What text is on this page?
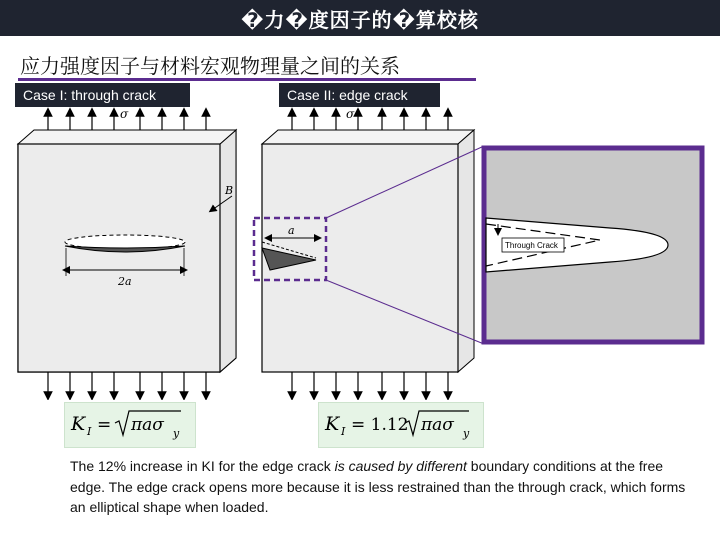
�力�度因子的�算校核
应力强度因子与材料宏观物理量之间的关系
σ
B
2a
σ
a
Through Crack
Case I: through crack	Case II: edge crack
K I = πaσ y	K I = 1.12 πaσ y
The 12% increase in KI for the edge crack is caused by different boundary conditions at the free edge. The edge crack opens more because it is less restrained than the through crack, which forms an elliptical shape when loaded.
